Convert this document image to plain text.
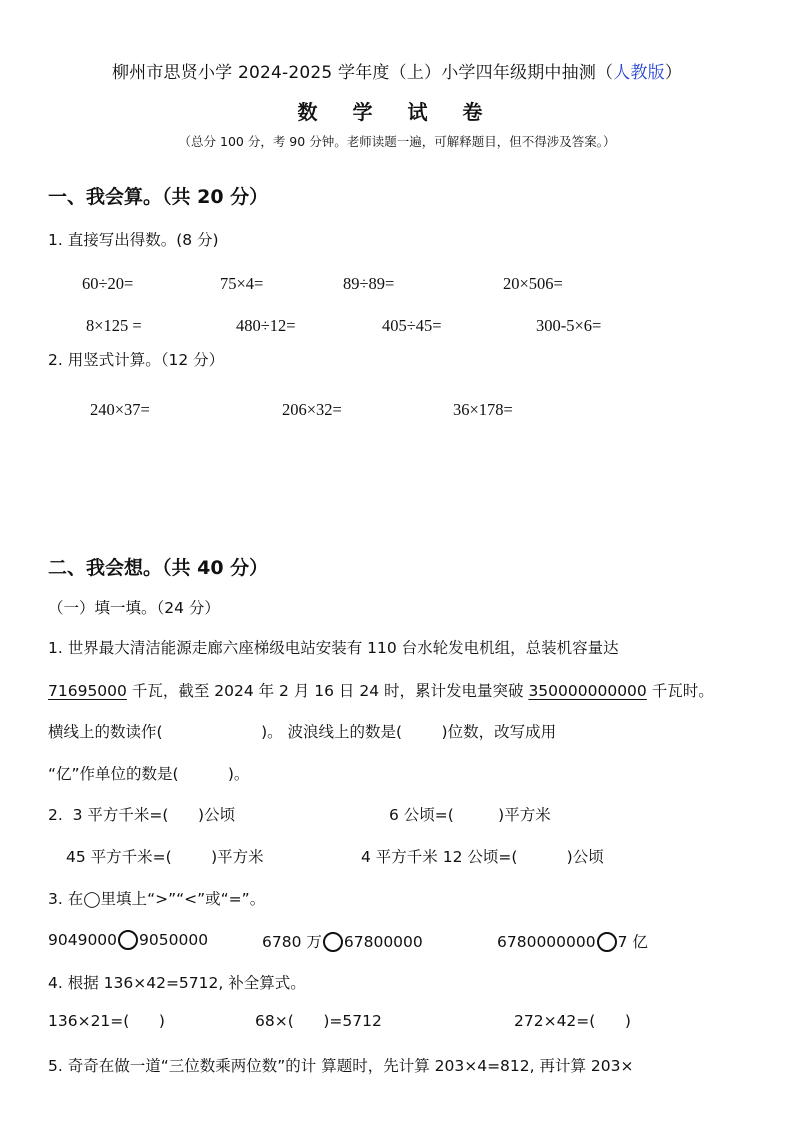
柳州市思贤小学 2024-2025 学年度（上）小学四年级期中抽测（人教版）
数 学 试 卷
（总分 100 分，考 90 分钟。老师读题一遍，可解释题目，但不得涉及答案。）
一、我会算。（共 20 分）
1. 直接写出得数。(8 分)
60÷20=	75×4=	89÷89=	20×506=
8×125 =	480÷12=	405÷45=	300-5×6=
2. 用竖式计算。（12 分）
240×37=	206×32=	36×178=
二、我会想。（共 40 分）
（一）填一填。（24 分）
1. 世界最大清洁能源走廊六座梯级电站安装有 110 台水轮发电机组，总装机容量达
71695000 千瓦，截至 2024 年 2 月 16 日 24 时，累计发电量突破 350000000000 千瓦时。
横线上的数读作(                    )。 波浪线上的数是(        )位数，改写成用
“亿”作单位的数是(          )。
2.  3 平方千米=(      )公顷	6 公顷=(         )平方米
45 平方千米=(        )平方米	4 平方千米 12 公顷=(          )公顷
3. 在◯里填上“>”“<”或“=”。
9049000 9050000	6780 万 67800000	6780000000 7 亿
4. 根据 136×42=5712, 补全算式。
136×21=(      )	68×(      )=5712	272×42=(      )
5. 奇奇在做一道“三位数乘两位数”的计 算题时，先计算 203×4=812, 再计算 203×
